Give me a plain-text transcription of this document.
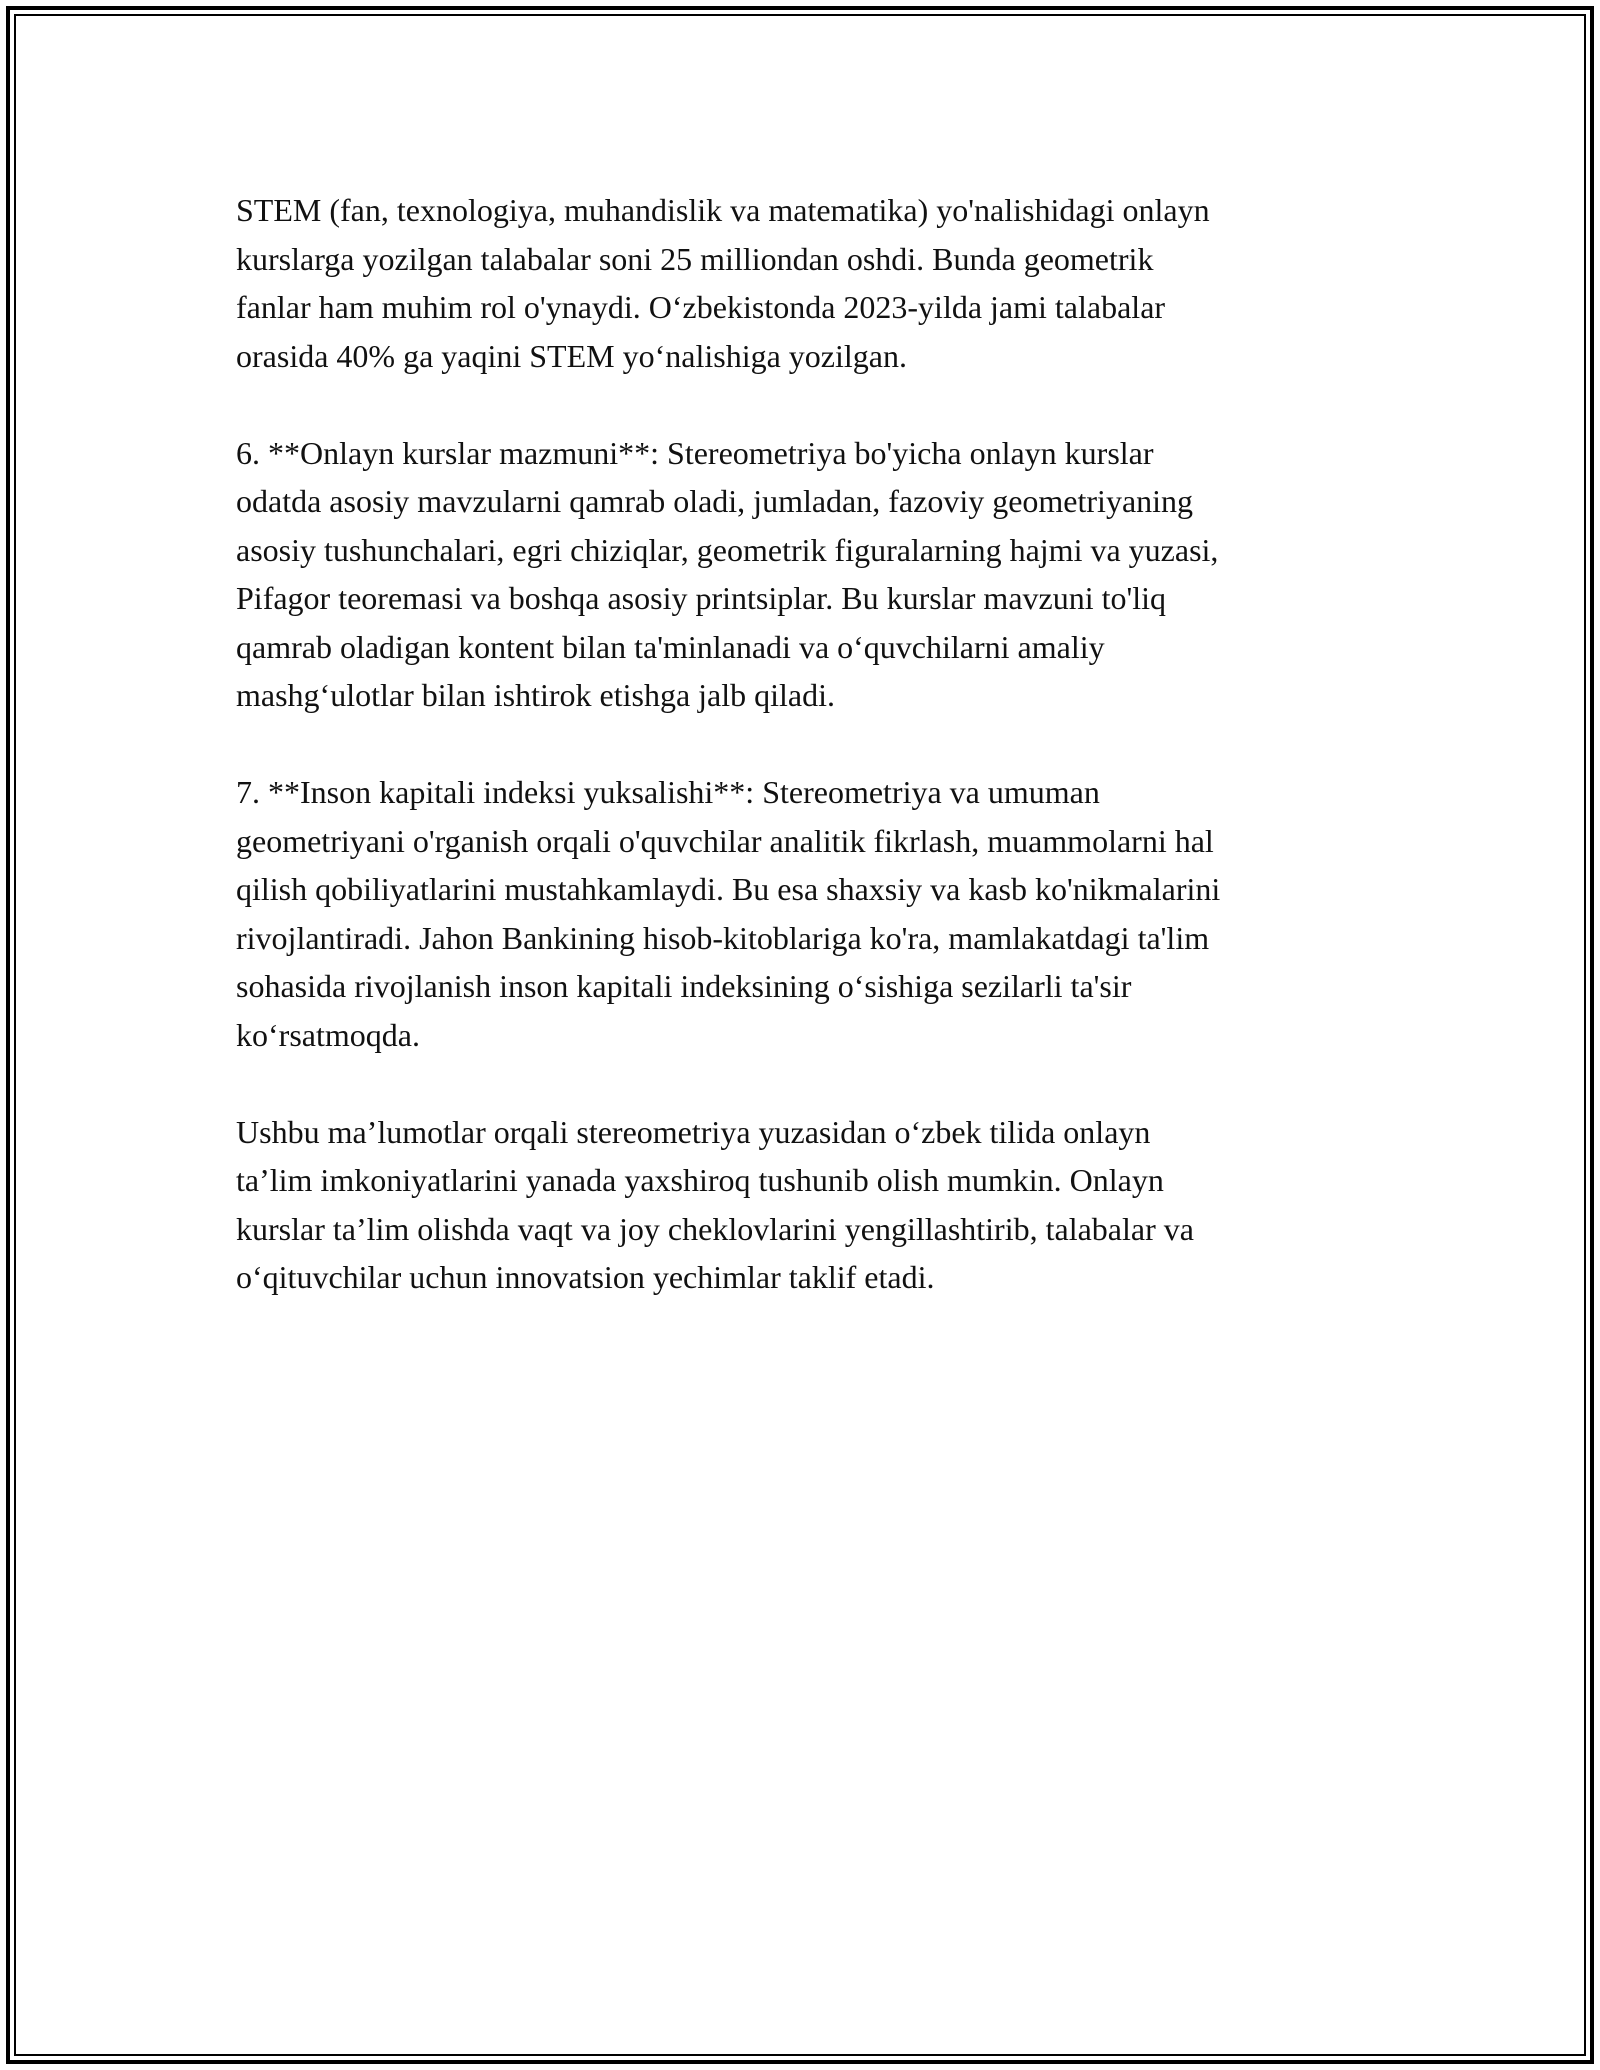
STEM (fan, texnologiya, muhandislik va matematika) yo'nalishidagi onlayn
kurslarga yozilgan talabalar soni 25 milliondan oshdi. Bunda geometrik
fanlar ham muhim rol o'ynaydi. O‘zbekistonda 2023-yilda jami talabalar
orasida 40% ga yaqini STEM yo‘nalishiga yozilgan.
6. **Onlayn kurslar mazmuni**: Stereometriya bo'yicha onlayn kurslar
odatda asosiy mavzularni qamrab oladi, jumladan, fazoviy geometriyaning
asosiy tushunchalari, egri chiziqlar, geometrik figuralarning hajmi va yuzasi,
Pifagor teoremasi va boshqa asosiy printsiplar. Bu kurslar mavzuni to'liq
qamrab oladigan kontent bilan ta'minlanadi va o‘quvchilarni amaliy
mashg‘ulotlar bilan ishtirok etishga jalb qiladi.
7. **Inson kapitali indeksi yuksalishi**: Stereometriya va umuman
geometriyani o'rganish orqali o'quvchilar analitik fikrlash, muammolarni hal
qilish qobiliyatlarini mustahkamlaydi. Bu esa shaxsiy va kasb ko'nikmalarini
rivojlantiradi. Jahon Bankining hisob-kitoblariga ko'ra, mamlakatdagi ta'lim
sohasida rivojlanish inson kapitali indeksining o‘sishiga sezilarli ta'sir
ko‘rsatmoqda.
Ushbu ma’lumotlar orqali stereometriya yuzasidan o‘zbek tilida onlayn
ta’lim imkoniyatlarini yanada yaxshiroq tushunib olish mumkin. Onlayn
kurslar ta’lim olishda vaqt va joy cheklovlarini yengillashtirib, talabalar va
o‘qituvchilar uchun innovatsion yechimlar taklif etadi.
